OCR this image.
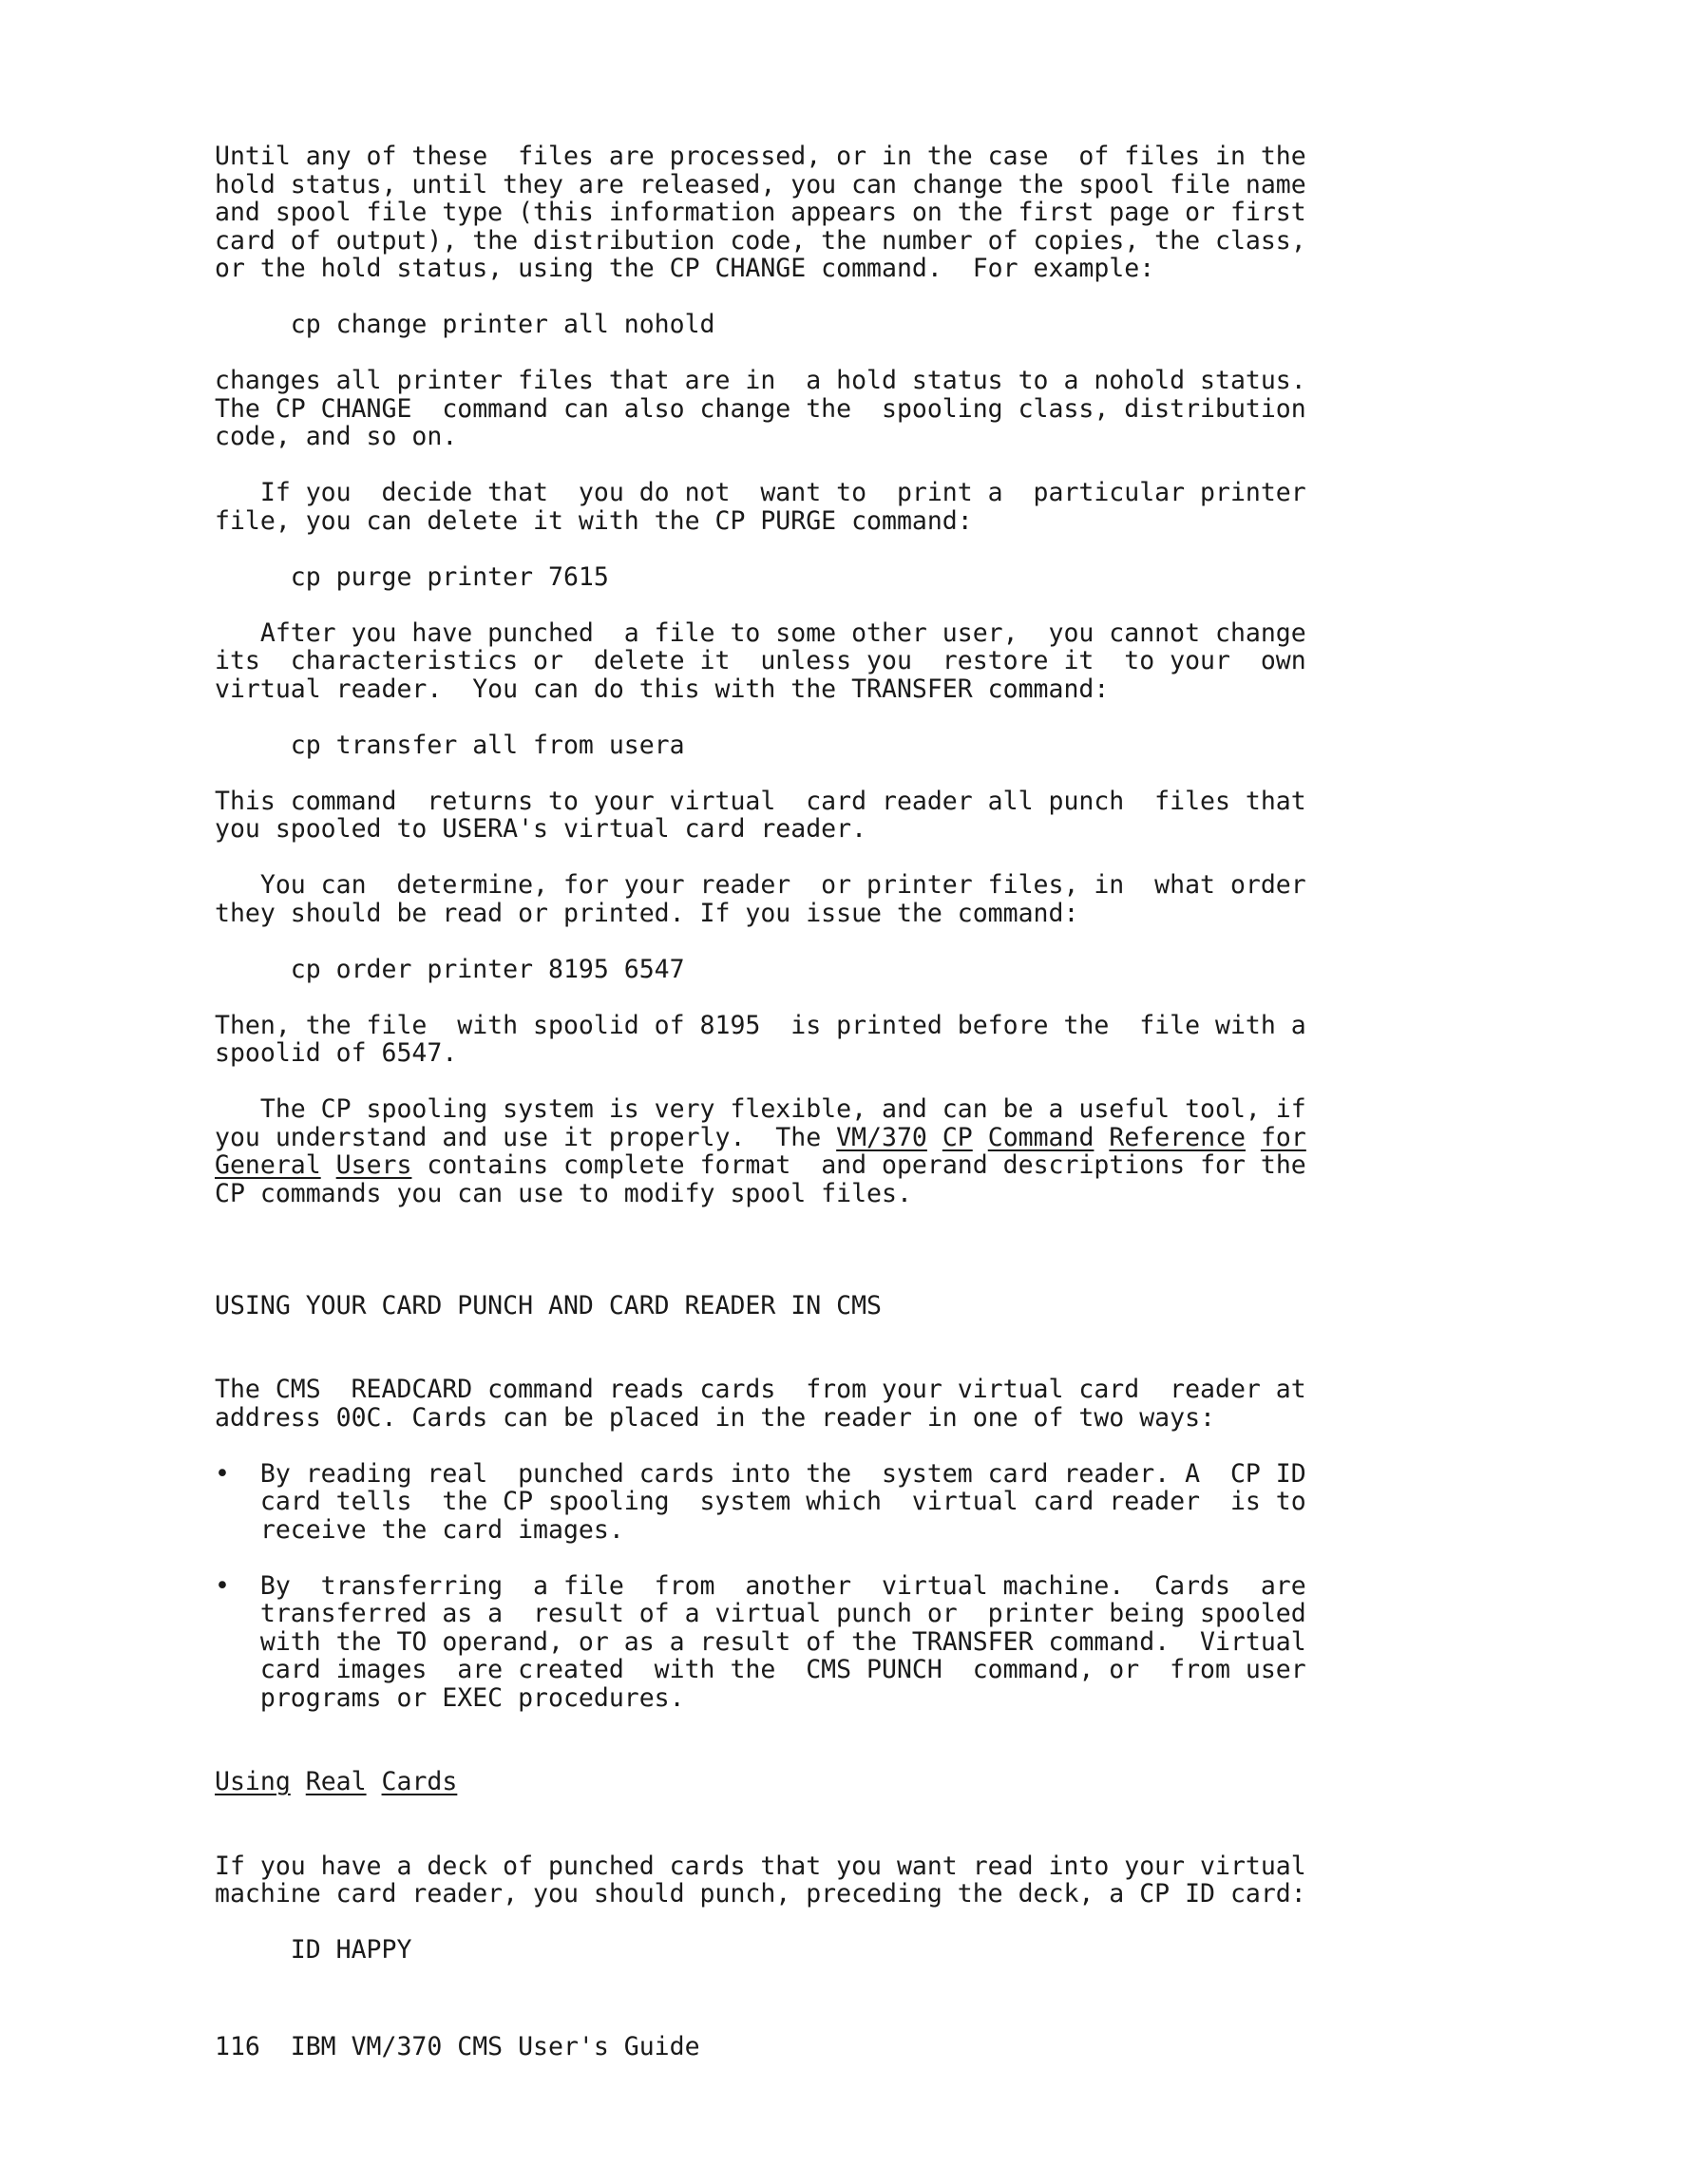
Until any of these  files are processed, or in the case  of files in the
hold status, until they are released, you can change the spool file name
and spool file type (this information appears on the first page or first
card of output), the distribution code, the number of copies, the class,
or the hold status, using the CP CHANGE command.  For example:
cp change printer all nohold
changes all printer files that are in  a hold status to a nohold status.
The CP CHANGE  command can also change the  spooling class, distribution
code, and so on.
If you  decide that  you do not  want to  print a  particular printer
file, you can delete it with the CP PURGE command:
cp purge printer 7615
After you have punched  a file to some other user,  you cannot change
its  characteristics or  delete it  unless you  restore it  to your  own
virtual reader.  You can do this with the TRANSFER command:
cp transfer all from usera
This command  returns to your virtual  card reader all punch  files that
you spooled to USERA's virtual card reader.
You can  determine, for your reader  or printer files, in  what order
they should be read or printed. If you issue the command:
cp order printer 8195 6547
Then, the file  with spoolid of 8195  is printed before the  file with a
spoolid of 6547.
The CP spooling system is very flexible, and can be a useful tool, if
you understand and use it properly.  The VM/370 CP Command Reference for
General Users contains complete format  and operand descriptions for the
CP commands you can use to modify spool files.
USING YOUR CARD PUNCH AND CARD READER IN CMS
The CMS  READCARD command reads cards  from your virtual card  reader at
address 00C. Cards can be placed in the reader in one of two ways:
•  By reading real  punched cards into the  system card reader. A  CP ID
card tells  the CP spooling  system which  virtual card reader  is to
receive the card images.
•  By  transferring  a file  from  another  virtual machine.  Cards  are
transferred as a  result of a virtual punch or  printer being spooled
with the TO operand, or as a result of the TRANSFER command.  Virtual
card images  are created  with the  CMS PUNCH  command, or  from user
programs or EXEC procedures.
Using Real Cards
If you have a deck of punched cards that you want read into your virtual
machine card reader, you should punch, preceding the deck, a CP ID card:
ID HAPPY
116  IBM VM/370 CMS User's Guide
